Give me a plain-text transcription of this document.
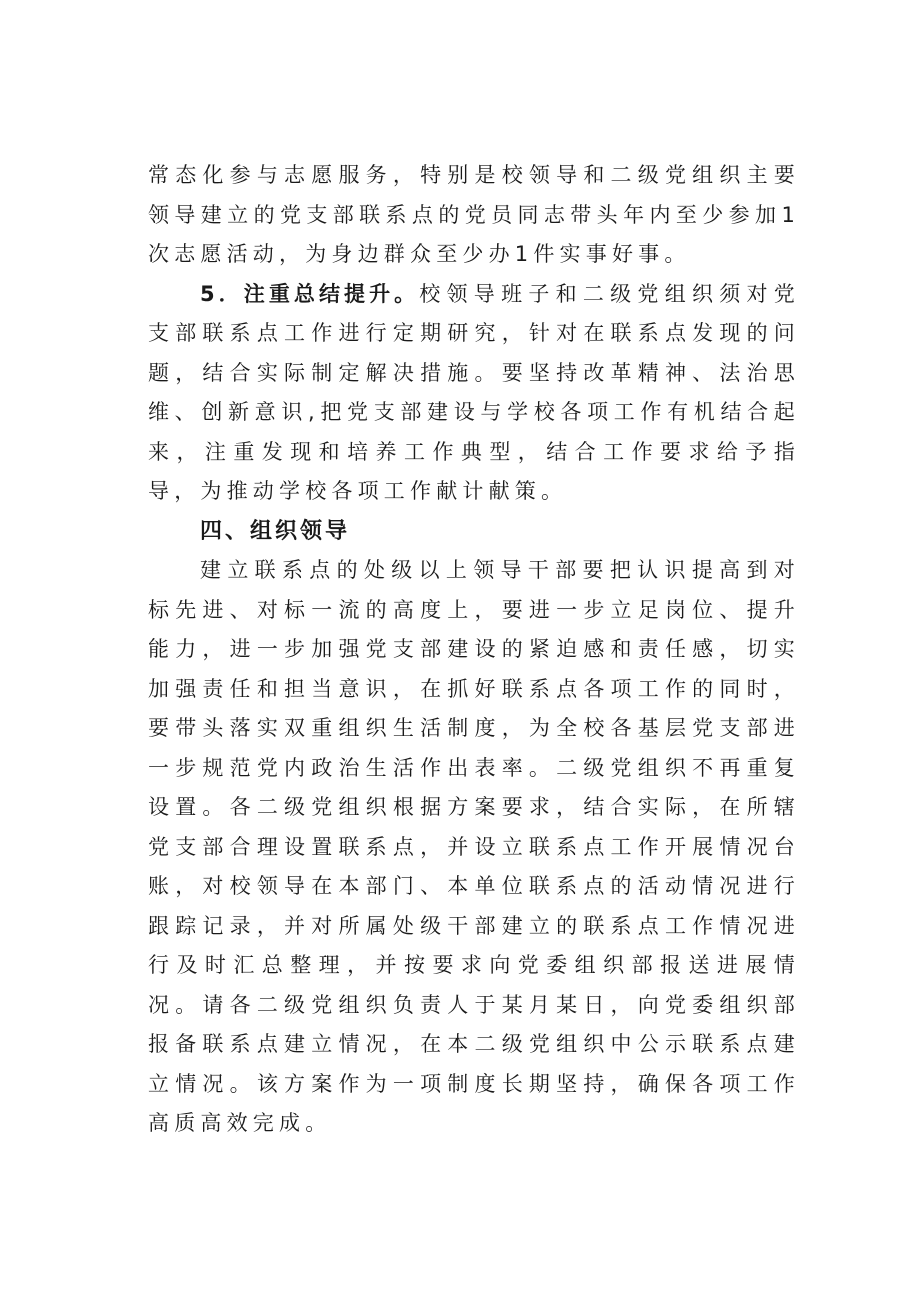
常态化参与志愿服务，特别是校领导和二级党组织主要领导建立的党支部联系点的党员同志带头年内至少参加1次志愿活动，为身边群众至少办1件实事好事。

5．注重总结提升。校领导班子和二级党组织须对党支部联系点工作进行定期研究，针对在联系点发现的问题，结合实际制定解决措施。要坚持改革精神、法治思维、创新意识,把党支部建设与学校各项工作有机结合起来，注重发现和培养工作典型，结合工作要求给予指导，为推动学校各项工作献计献策。

四、组织领导

建立联系点的处级以上领导干部要把认识提高到对标先进、对标一流的高度上，要进一步立足岗位、提升能力，进一步加强党支部建设的紧迫感和责任感，切实加强责任和担当意识，在抓好联系点各项工作的同时，要带头落实双重组织生活制度，为全校各基层党支部进一步规范党内政治生活作出表率。二级党组织不再重复设置。各二级党组织根据方案要求，结合实际，在所辖党支部合理设置联系点，并设立联系点工作开展情况台账，对校领导在本部门、本单位联系点的活动情况进行跟踪记录，并对所属处级干部建立的联系点工作情况进行及时汇总整理，并按要求向党委组织部报送进展情况。请各二级党组织负责人于某月某日，向党委组织部报备联系点建立情况，在本二级党组织中公示联系点建立情况。该方案作为一项制度长期坚持，确保各项工作高质高效完成。
